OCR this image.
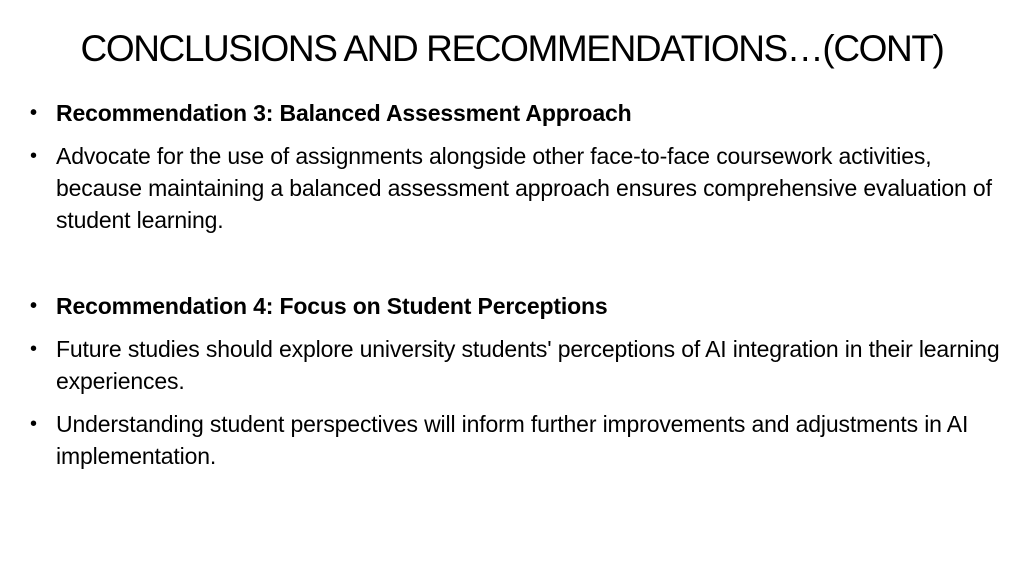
CONCLUSIONS AND RECOMMENDATIONS…(CONT)
• Recommendation 3: Balanced Assessment Approach
• Advocate for the use of assignments alongside other face-to-face coursework activities, because maintaining a balanced assessment approach ensures comprehensive evaluation of student learning.
• Recommendation 4: Focus on Student Perceptions
• Future studies should explore university students' perceptions of AI integration in their learning experiences.
• Understanding student perspectives will inform further improvements and adjustments in AI implementation.
